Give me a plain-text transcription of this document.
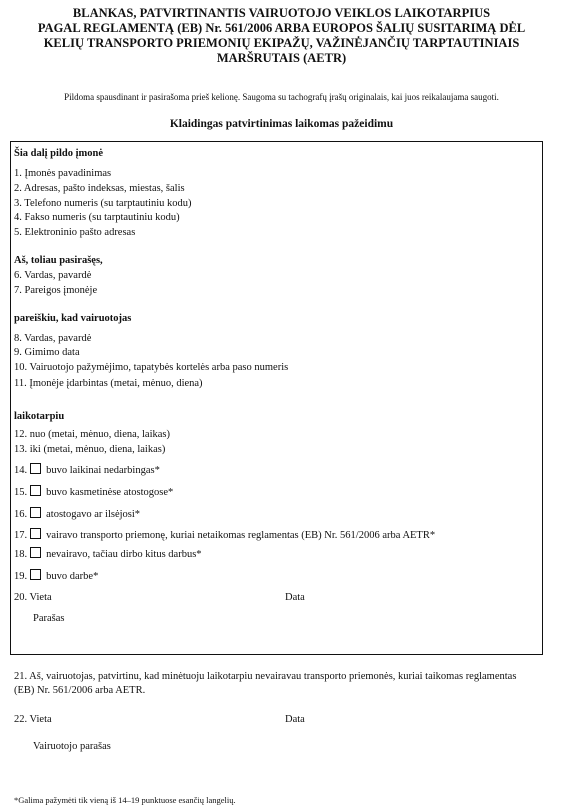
BLANKAS, PATVIRTINANTIS VAIRUOTOJO VEIKLOS LAIKOTARPIUS
PAGAL REGLAMENTĄ (EB) Nr. 561/2006 ARBA EUROPOS ŠALIŲ SUSITARIMĄ DĖL
KELIŲ TRANSPORTO PRIEMONIŲ EKIPAŽŲ, VAŽINĖJANČIŲ TARPTAUTINIAIS
MARŠRUTAIS (AETR)
Pildoma spausdinant ir pasirašoma prieš kelionę. Saugoma su tachografų įrašų originalais, kai juos reikalaujama saugoti.
Klaidingas patvirtinimas laikomas pažeidimu
Šia dalį pildo įmonė
1. Įmonės pavadinimas
2. Adresas, pašto indeksas, miestas, šalis
3. Telefono numeris (su tarptautiniu kodu)
4. Fakso numeris (su tarptautiniu kodu)
5. Elektroninio pašto adresas
Aš, toliau pasirašęs,
6. Vardas, pavardė
7. Pareigos įmonėje
pareiškiu, kad vairuotojas
8. Vardas, pavardė
9. Gimimo data
10. Vairuotojo pažymėjimo, tapatybės kortelės arba paso numeris
11. Įmonėje įdarbintas (metai, mėnuo, diena)
laikotarpiu
12. nuo (metai, mėnuo, diena, laikas)
13. iki (metai, mėnuo, diena, laikas)
14. buvo laikinai nedarbingas*
15. buvo kasmetinėse atostogose*
16. atostogavo ar ilsėjosi*
17. vairavo transporto priemonę, kuriai netaikomas reglamentas (EB) Nr. 561/2006 arba AETR*
18. nevairavo, tačiau dirbo kitus darbus*
19. buvo darbe*
20. Vieta	Data
Parašas
21. Aš, vairuotojas, patvirtinu, kad minėtuoju laikotarpiu nevairavau transporto priemonės, kuriai taikomas reglamentas (EB) Nr. 561/2006 arba AETR.
22. Vieta	Data
Vairuotojo parašas
*Galima pažymėti tik vieną iš 14–19 punktuose esančių langelių.
